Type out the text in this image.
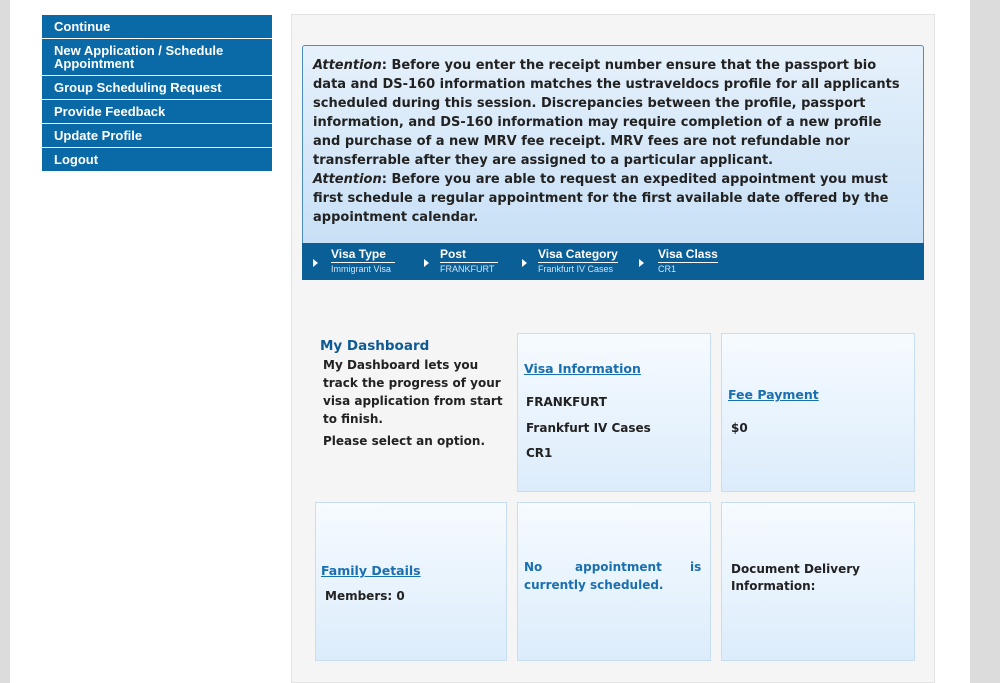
Continue
New Application / Schedule Appointment
Group Scheduling Request
Provide Feedback
Update Profile
Logout

Attention: Before you enter the receipt number ensure that the passport bio data and DS-160 information matches the ustraveldocs profile for all applicants scheduled during this session. Discrepancies between the profile, passport information, and DS-160 information may require completion of a new profile and purchase of a new MRV fee receipt. MRV fees are not refundable nor transferrable after they are assigned to a particular applicant.

Attention: Before you are able to request an expedited appointment you must first schedule a regular appointment for the first available date offered by the appointment calendar.

Visa Type
Immigrant Visa
Post
FRANKFURT
Visa Category
Frankfurt IV Cases
Visa Class
CR1
My Dashboard
My Dashboard lets you track the progress of your visa application from start to finish.
Please select an option.
Visa Information
FRANKFURT
Frankfurt IV Cases
CR1
Fee Payment
$0
Family Details
Members: 0
No	appointment is
currently scheduled.
Document Delivery
Information:
